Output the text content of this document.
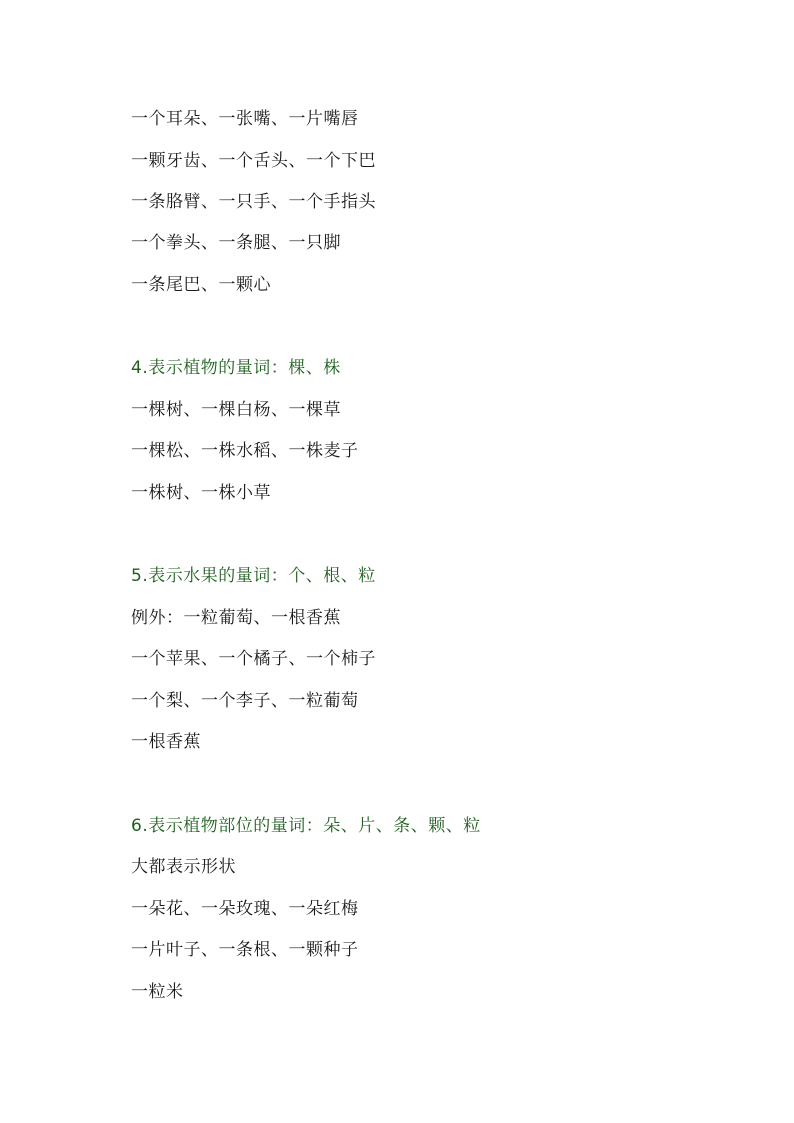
一个耳朵、一张嘴、一片嘴唇
一颗牙齿、一个舌头、一个下巴
一条胳臂、一只手、一个手指头
一个拳头、一条腿、一只脚
一条尾巴、一颗心
4.表示植物的量词：棵、株
一棵树、一棵白杨、一棵草
一棵松、一株水稻、一株麦子
一株树、一株小草
5.表示水果的量词：个、根、粒
例外：一粒葡萄、一根香蕉
一个苹果、一个橘子、一个柿子
一个梨、一个李子、一粒葡萄
一根香蕉
6.表示植物部位的量词：朵、片、条、颗、粒
大都表示形状
一朵花、一朵玫瑰、一朵红梅
一片叶子、一条根、一颗种子
一粒米
